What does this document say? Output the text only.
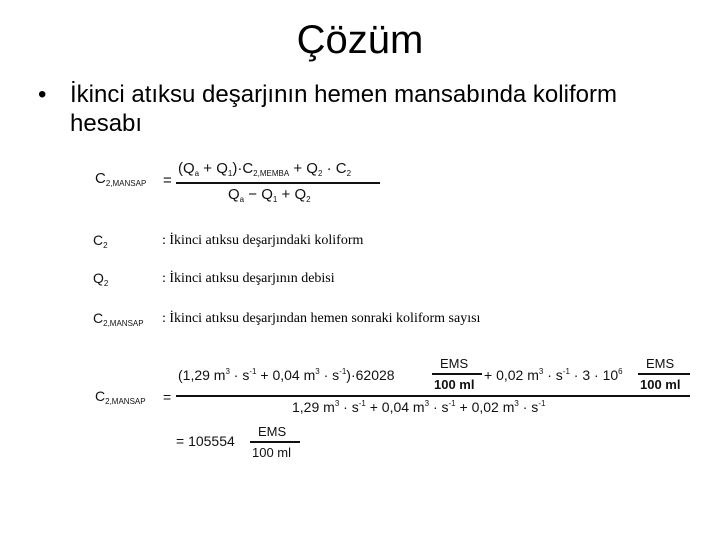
Çözüm
• İkinci atıksu deşarjının hemen mansabında koliform hesabı
$C_{2,MANSAP}$ =
$(Q_a + Q_1)\cdot C_{2,MEMBA} + Q_2 \cdot C_2$
$Q_a - Q_1 + Q_2$
$C_2$	: İkinci atıksu deşarjındaki koliform
$Q_2$	: İkinci atıksu deşarjının debisi
$C_{2,MANSAP}$ : İkinci atıksu deşarjından hemen sonraki koliform sayısı
$C_{2,MANSAP}$ =
(1,29 $m^3 \cdot s^{-1} + 0,04$ $m^3 \cdot s^{-1})\cdot 62028$
EMS
100 ml
+ 0,02 $m^3 \cdot s^{-1} \cdot 3 \cdot 10^6$
EMS
100 ml
1,29 $m^3 \cdot s^{-1} + 0,04$ $m^3 \cdot s^{-1} + 0,02$ $m^3 \cdot s^{-1}$
= 105554
EMS
100 ml
